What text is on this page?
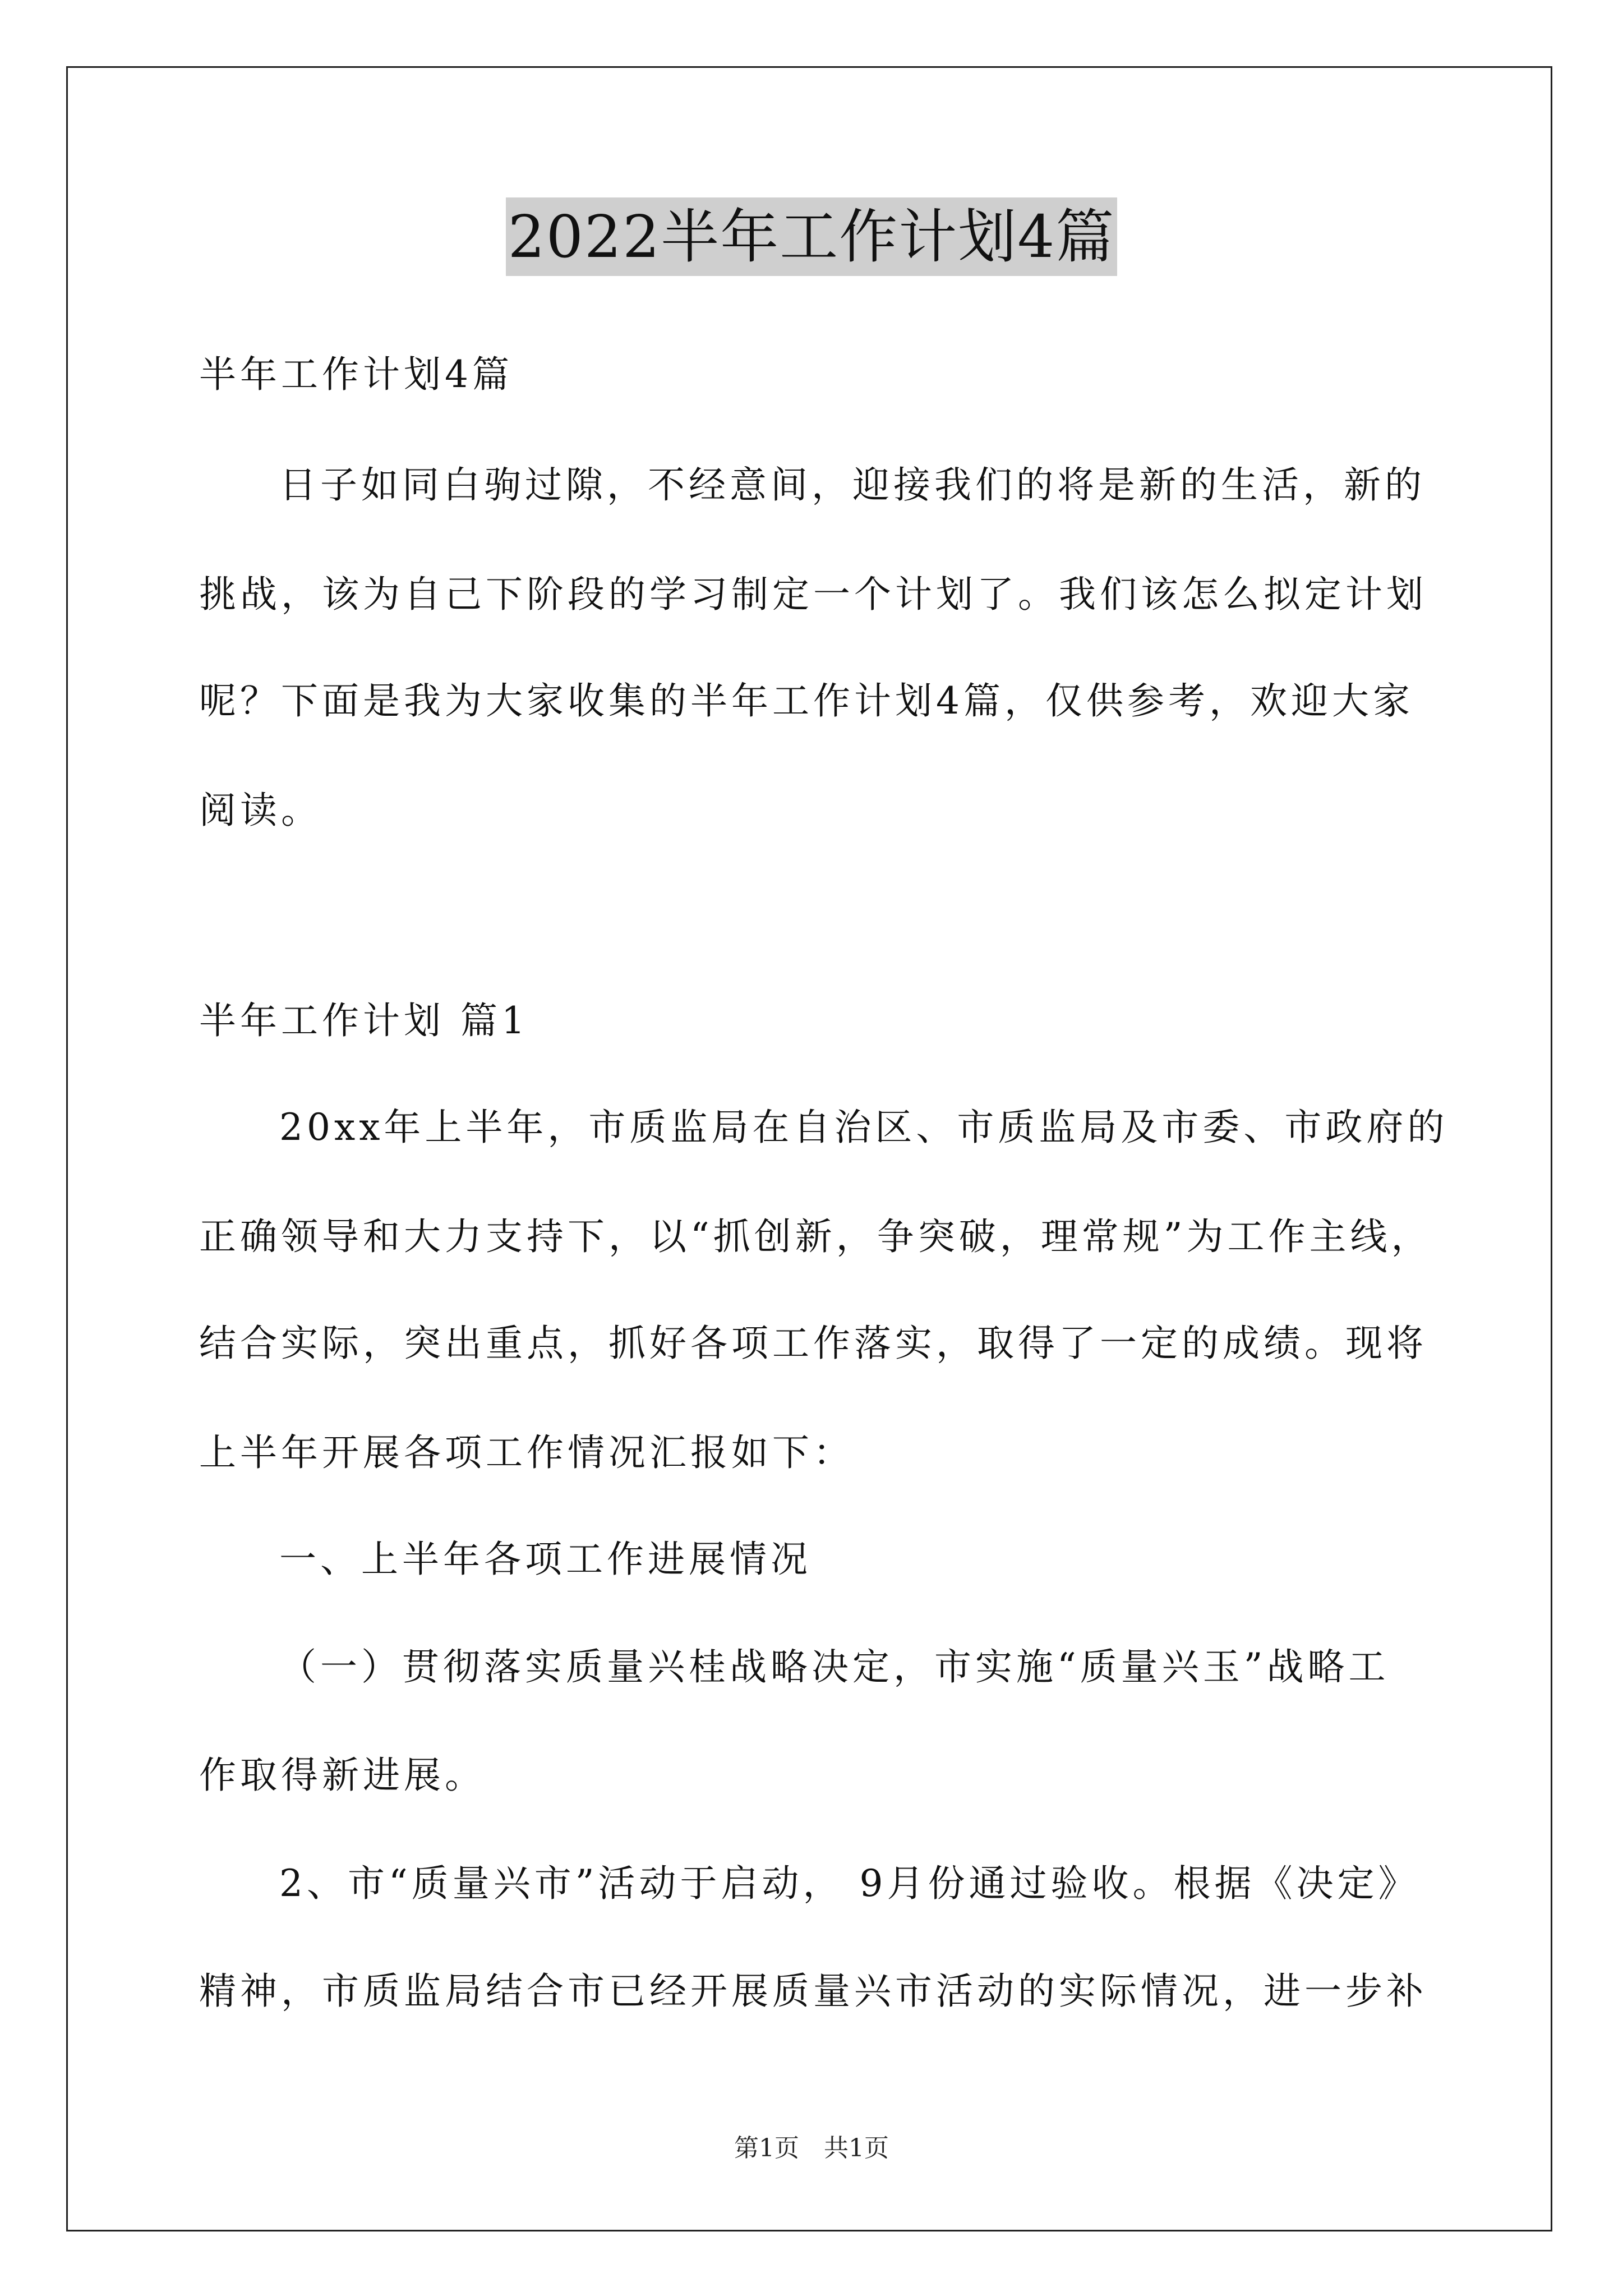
2022半年工作计划4篇
半年工作计划4篇
日子如同白驹过隙，不经意间，迎接我们的将是新的生活，新的
挑战，该为自己下阶段的学习制定一个计划了。我们该怎么拟定计划
呢？下面是我为大家收集的半年工作计划4篇，仅供参考，欢迎大家
阅读。
半年工作计划 篇1
20xx年上半年，市质监局在自治区、市质监局及市委、市政府的
正确领导和大力支持下，以“抓创新，争突破，理常规”为工作主线，
结合实际，突出重点，抓好各项工作落实，取得了一定的成绩。现将
上半年开展各项工作情况汇报如下：
一、上半年各项工作进展情况
（一）贯彻落实质量兴桂战略决定，市实施“质量兴玉”战略工
作取得新进展。
2、市“质量兴市”活动于启动， 9月份通过验收。根据《决定》
精神，市质监局结合市已经开展质量兴市活动的实际情况，进一步补
第1页　共1页
